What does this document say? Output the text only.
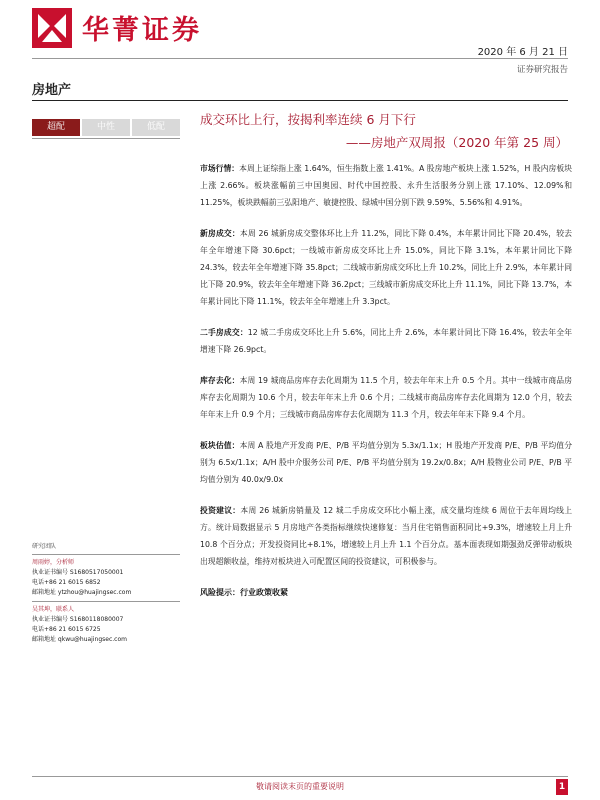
华菁证券
2020 年 6 月 21 日
证券研究报告
房地产
超配	中性	低配	成交环比上行，按揭利率连续 6 月下行
——房地产双周报（2020 年第 25 周）

市场行情：本周上证综指上涨 1.64%，恒生指数上涨 1.41%。A 股房地产板块上涨 1.52%，H 股内房板块上涨 2.66%。板块涨幅前三中国奥园、时代中国控股、永升生活服务分别上涨 17.10%、12.09%和 11.25%，板块跌幅前三弘阳地产、敏捷控股、绿城中国分别下跌 9.59%、5.56%和 4.91%。

新房成交：本周 26 城新房成交整体环比上升 11.2%，同比下降 0.4%，本年累计同比下降 20.4%，较去年全年增速下降 30.6pct；一线城市新房成交环比上升 15.0%，同比下降 3.1%，本年累计同比下降 24.3%，较去年全年增速下降 35.8pct；二线城市新房成交环比上升 10.2%，同比上升 2.9%，本年累计同比下降 20.9%，较去年全年增速下降 36.2pct；三线城市新房成交环比上升 11.1%，同比下降 13.7%，本年累计同比下降 11.1%，较去年全年增速上升 3.3pct。

二手房成交：12 城二手房成交环比上升 5.6%，同比上升 2.6%，本年累计同比下降 16.4%，较去年全年增速下降 26.9pct。

库存去化：本周 19 城商品房库存去化周期为 11.5 个月，较去年年末上升 0.5 个月。其中一线城市商品房库存去化周期为 10.6 个月，较去年年末上升 0.6 个月；二线城市商品房库存去化周期为 12.0 个月，较去年年末上升 0.9 个月；三线城市商品房库存去化周期为 11.3 个月，较去年年末下降 9.4 个月。

板块估值：本周 A 股地产开发商 P/E、P/B 平均值分别为 5.3x/1.1x；H 股地产开发商 P/E、P/B 平均值分别为 6.5x/1.1x；A/H 股中介服务公司 P/E、P/B 平均值分别为 19.2x/0.8x；A/H 股物业公司 P/E、P/B 平均值分别为 40.0x/9.0x

投资建议：本周 26 城新房销量及 12 城二手房成交环比小幅上涨，成交量均连续 6 周位于去年周均线上方。统计局数据显示 5 月房地产各类指标继续快速修复：当月住宅销售面积同比+9.3%，增速较上月上升 10.8 个百分点；开发投资同比+8.1%，增速较上月上升 1.1 个百分点。基本面表现如期强劲反弹带动板块出现超额收益，维持对板块进入可配置区间的投资建议，可积极参与。

风险提示：行业政策收紧

研究团队
周雨婷，分析师
执业证书编号 S1680517050001
电话+86 21 6015 6852
邮箱地址 ytzhou@huajingsec.com
吴其坤，联系人
执业证书编号 S1680118080007
电话+86 21 6015 6725
邮箱地址 qkwu@huajingsec.com
敬请阅读末页的重要说明	1
